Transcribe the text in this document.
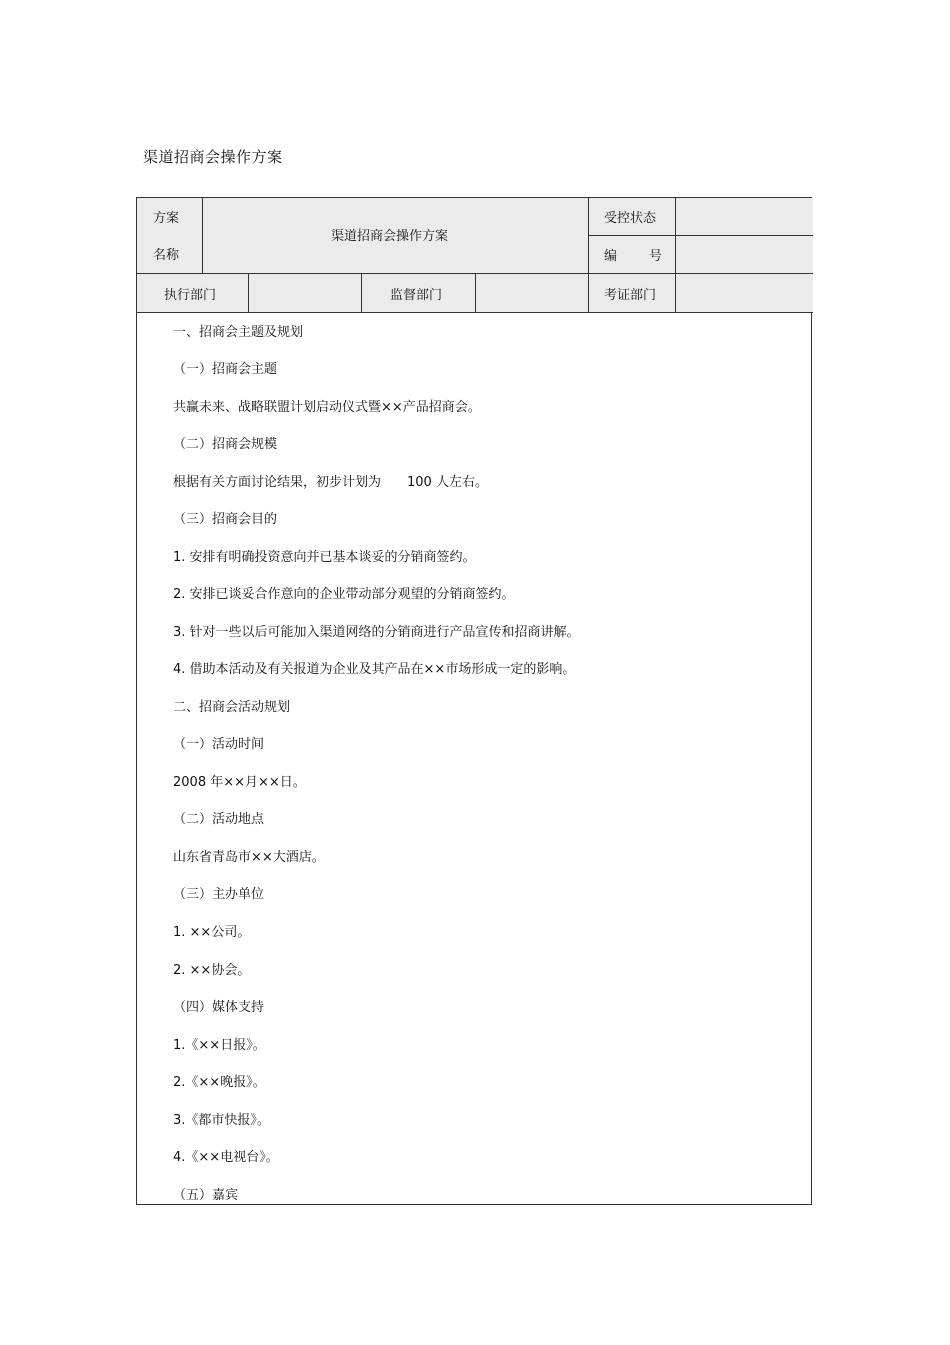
渠道招商会操作方案
方案
名称
渠道招商会操作方案
受控状态
编 号
执行部门	监督部门	考证部门
一、招商会主题及规划
（一）招商会主题
共赢未来、战略联盟计划启动仪式暨××产品招商会。
（二）招商会规模
根据有关方面讨论结果，初步计划为　　100 人左右。
（三）招商会目的
1. 安排有明确投资意向并已基本谈妥的分销商签约。
2. 安排已谈妥合作意向的企业带动部分观望的分销商签约。
3. 针对一些以后可能加入渠道网络的分销商进行产品宣传和招商讲解。
4. 借助本活动及有关报道为企业及其产品在××市场形成一定的影响。
二、招商会活动规划
（一）活动时间
2008 年××月××日。
（二）活动地点
山东省青岛市××大酒店。
（三）主办单位
1. ××公司。
2. ××协会。
（四）媒体支持
1.《××日报》。
2.《××晚报》。
3.《都市快报》。
4.《××电视台》。
（五）嘉宾
